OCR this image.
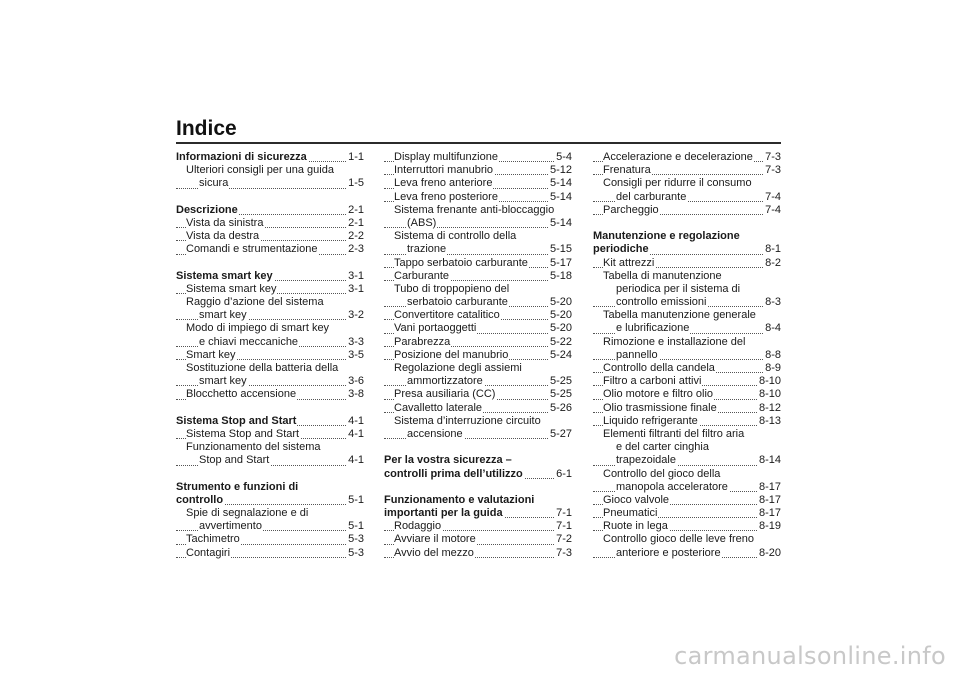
Indice
Informazioni di sicurezza	1-1
Ulteriori consigli per una guida
sicura	1-5
Descrizione	2-1
Vista da sinistra	2-1
Vista da destra	2-2
Comandi e strumentazione	2-3
Sistema smart key	3-1
Sistema smart key	3-1
Raggio d’azione del sistema
smart key	3-2
Modo di impiego di smart key
e chiavi meccaniche	3-3
Smart key	3-5
Sostituzione della batteria della
smart key	3-6
Blocchetto accensione	3-8
Sistema Stop and Start	4-1
Sistema Stop and Start	4-1
Funzionamento del sistema
Stop and Start	4-1
Strumento e funzioni di
controllo	5-1
Spie di segnalazione e di
avvertimento	5-1
Tachimetro	5-3
Contagiri	5-3
Display multifunzione	5-4
Interruttori manubrio	5-12
Leva freno anteriore	5-14
Leva freno posteriore	5-14
Sistema frenante anti-bloccaggio
(ABS)	5-14
Sistema di controllo della
trazione	5-15
Tappo serbatoio carburante 5-17
Carburante	5-18
Tubo di troppopieno del
serbatoio carburante	5-20
Convertitore catalitico	5-20
Vani portaoggetti	5-20
Parabrezza	5-22
Posizione del manubrio	5-24
Regolazione degli assiemi
ammortizzatore	5-25
Presa ausiliaria (CC)	5-25
Cavalletto laterale	5-26
Sistema d’interruzione circuito
accensione	5-27
Per la vostra sicurezza –
controlli prima dell’utilizzo	6-1
Funzionamento e valutazioni
importanti per la guida	7-1
Rodaggio	7-1
Avviare il motore	7-2
Avvio del mezzo	7-3
Accelerazione e decelerazione 7-3
Frenatura	7-3
Consigli per ridurre il consumo
del carburante	7-4
Parcheggio	7-4
Manutenzione e regolazione
periodiche	8-1
Kit attrezzi	8-2
Tabella di manutenzione
periodica per il sistema di
controllo emissioni	8-3
Tabella manutenzione generale
e lubrificazione	8-4
Rimozione e installazione del
pannello	8-8
Controllo della candela	8-9
Filtro a carboni attivi	8-10
Olio motore e filtro olio	8-10
Olio trasmissione finale	8-12
Liquido refrigerante	8-13
Elementi filtranti del filtro aria
e del carter cinghia
trapezoidale	8-14
Controllo del gioco della
manopola acceleratore	8-17
Gioco valvole	8-17
Pneumatici	8-17
Ruote in lega	8-19
Controllo gioco delle leve freno
anteriore e posteriore	8-20
carmanualsonline.info
